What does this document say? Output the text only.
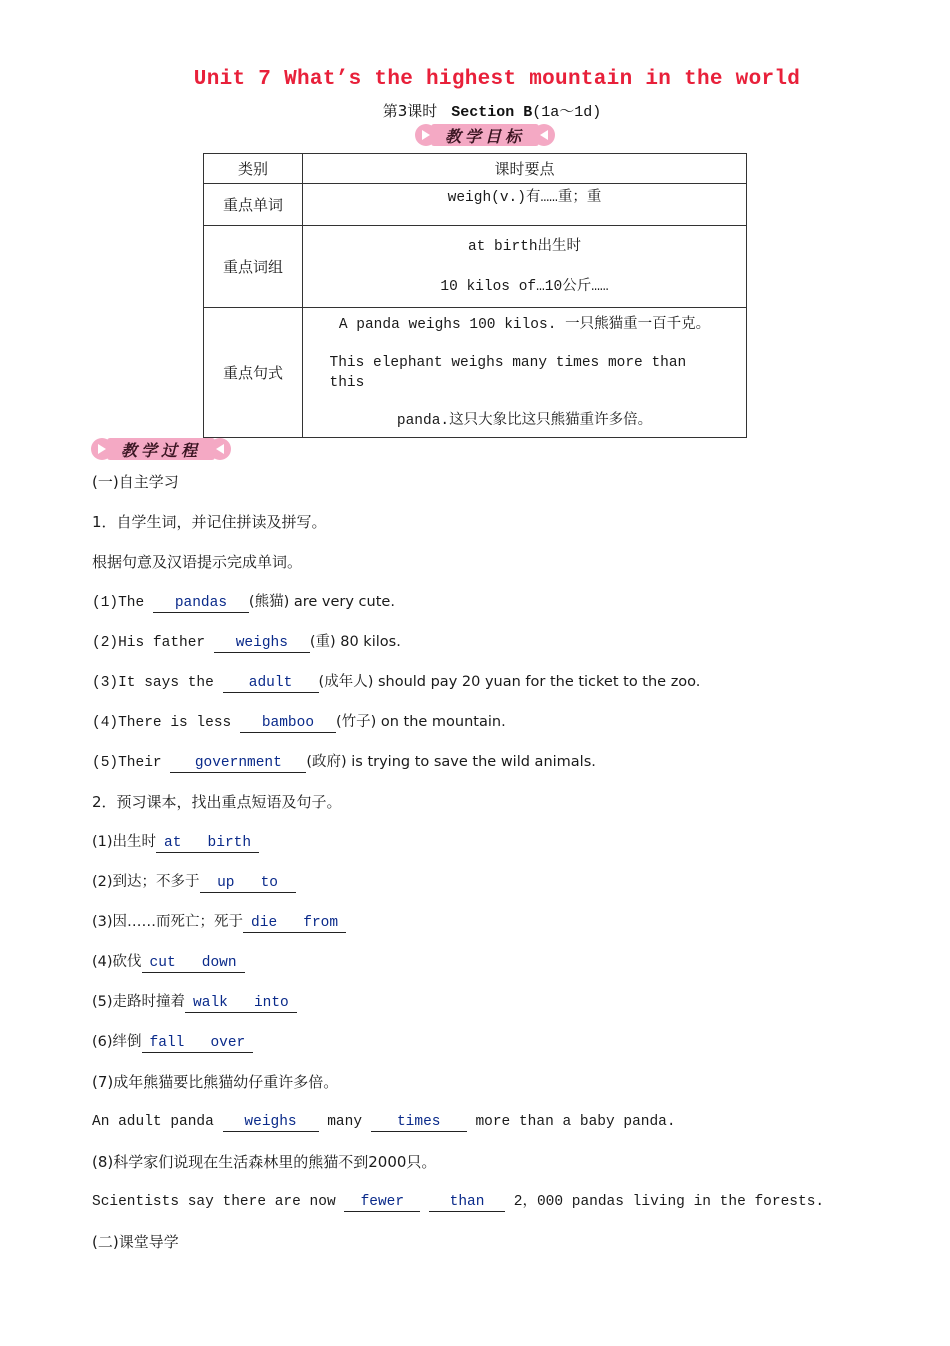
Unit 7 What’s the highest mountain in the world
第3课时 Section B(1a～1d)
教学目标
类别	课时要点
重点单词	weigh(v.)有……重；重

重点词组	at birth出生时
10 kilos of…10公斤……

重点句式	A panda weighs 100 kilos. 一只熊猫重一百千克。
This elephant weighs many times more than this
panda.这只大象比这只熊猫重许多倍。
教学过程
(一)自主学习
1．自学生词，并记住拼读及拼写。
根据句意及汉语提示完成单词。
(1)The pandas (熊猫) are very cute.
(2)His father weighs (重) 80 kilos.
(3)It says the adult (成年人) should pay 20 yuan for the ticket to the zoo.
(4)There is less bamboo (竹子) on the mountain.
(5)Their government (政府) is trying to save the wild animals.
2．预习课本，找出重点短语及句子。
(1)出生时 at   birth
(2)到达；不多于 up   to
(3)因……而死亡；死于 die   from
(4)砍伐 cut   down
(5)走路时撞着 walk   into
(6)绊倒 fall   over
(7)成年熊猫要比熊猫幼仔重许多倍。
An adult panda weighs many times more than a baby panda.
(8)科学家们说现在生活森林里的熊猫不到2000只。
Scientists say there are now fewer	than 2，000 pandas living in the forests.
(二)课堂导学
